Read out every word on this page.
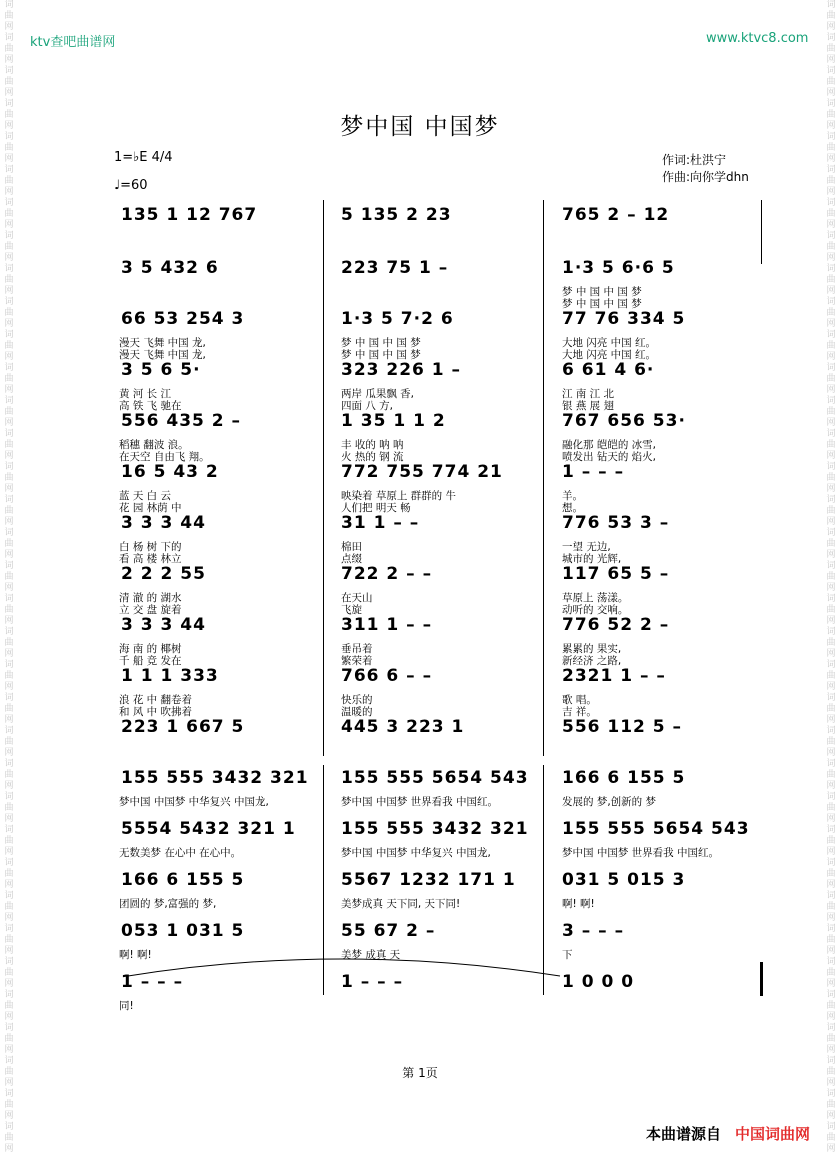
词曲网词曲网词曲网词曲网词曲网词曲网词曲网词曲网词曲网词曲网词曲网词曲网词曲网词曲网词曲网词曲网词曲网词曲网词曲网词曲网词曲网词曲网词曲网词曲网词曲网词曲网词曲网词曲网词曲网词曲网词曲网词曲网词曲网词曲网词曲网
词曲网词曲网词曲网词曲网词曲网词曲网词曲网词曲网词曲网词曲网词曲网词曲网词曲网词曲网词曲网词曲网词曲网词曲网词曲网词曲网词曲网词曲网词曲网词曲网词曲网词曲网词曲网词曲网词曲网词曲网词曲网词曲网词曲网词曲网词曲网
ktv查吧曲谱网	www.ktvc8.com
梦中国 中国梦
1=♭E 4/4
♩=60
作词:杜洪宁
作曲:向你学dhn
135 1 12 767	5 135 2 23	765 2 – 12
3 5 432 6	223 75 1 –	1·3 5 6·6 5
梦 中 国 中 国 梦
梦 中 国 中 国 梦
66 53 254 3	1·3 5 7·2 6	77 76 334 5
漫天 飞舞 中国 龙,
漫天 飞舞 中国 龙,
梦 中 国 中 国 梦
梦 中 国 中 国 梦
大地 闪亮 中国 红。
大地 闪亮 中国 红。
3 5 6 5·	323 226 1 –	6 61 4 6·
黄 河 长 江
高 铁 飞 驰在
两岸 瓜果飘 香,
四面 八 方,
江 南 江 北
银 燕 展 翅
556 435 2 –	1 35 1 1 2	767 656 53·
稻穗 翻波 浪。
在天空 自由飞 翔。
丰 收的 呐 呐
火 热的 钢 流
融化那 皑皑的 冰雪,
喷发出 钻天的 焰火,
16 5 43 2	772 755 774 21	1 – – –
蓝 天 白 云
花 园 林荫 中
映染着 草原上 群群的 牛
人们把 明天 畅
羊。
想。
3 3 3 44	31 1 – –	776 53 3 –
白 杨 树 下的
看 高 楼 林立
棉田
点缀
一望 无边,
城市的 光辉,
2 2 2 55	722 2 – –	117 65 5 –
清 澈 的 湖水
立 交 盘 旋着
在天山
飞旋
草原上 荡漾。
动听的 交响。
3 3 3 44	311 1 – –	776 52 2 –
海 南 的 椰树
千 船 竞 发在
垂吊着
繁荣着
累累的 果实,
新经济 之路,
1 1 1 333	766 6 – –	2321 1 – –
浪 花 中 翻卷着
和 风 中 吹拂着
快乐的
温暖的
歌 唱。
吉 祥。
223 1 667 5	445 3 223 1	556 112 5 –
155 555 3432 321 155 555 5654 543 166 6 155 5
梦中国 中国梦 中华复兴 中国龙,	梦中国 中国梦 世界看我 中国红。	发展的 梦,创新的 梦
5554 5432 321 1	155 555 3432 321 155 555 5654 543
无数美梦 在心中 在心中。	梦中国 中国梦 中华复兴 中国龙,	梦中国 中国梦 世界看我 中国红。
166 6 155 5	5567 1232 171 1	031 5 015 3
团圆的 梦,富强的 梦,	美梦成真 天下同, 天下同!	啊! 啊!
053 1 031 5	55 67 2 –	3 – – –
啊! 啊!	美梦 成真 天	下
1 – – –	1 – – –	1 0 0 0
同!
第 1页
本曲谱源自 中国词曲网
